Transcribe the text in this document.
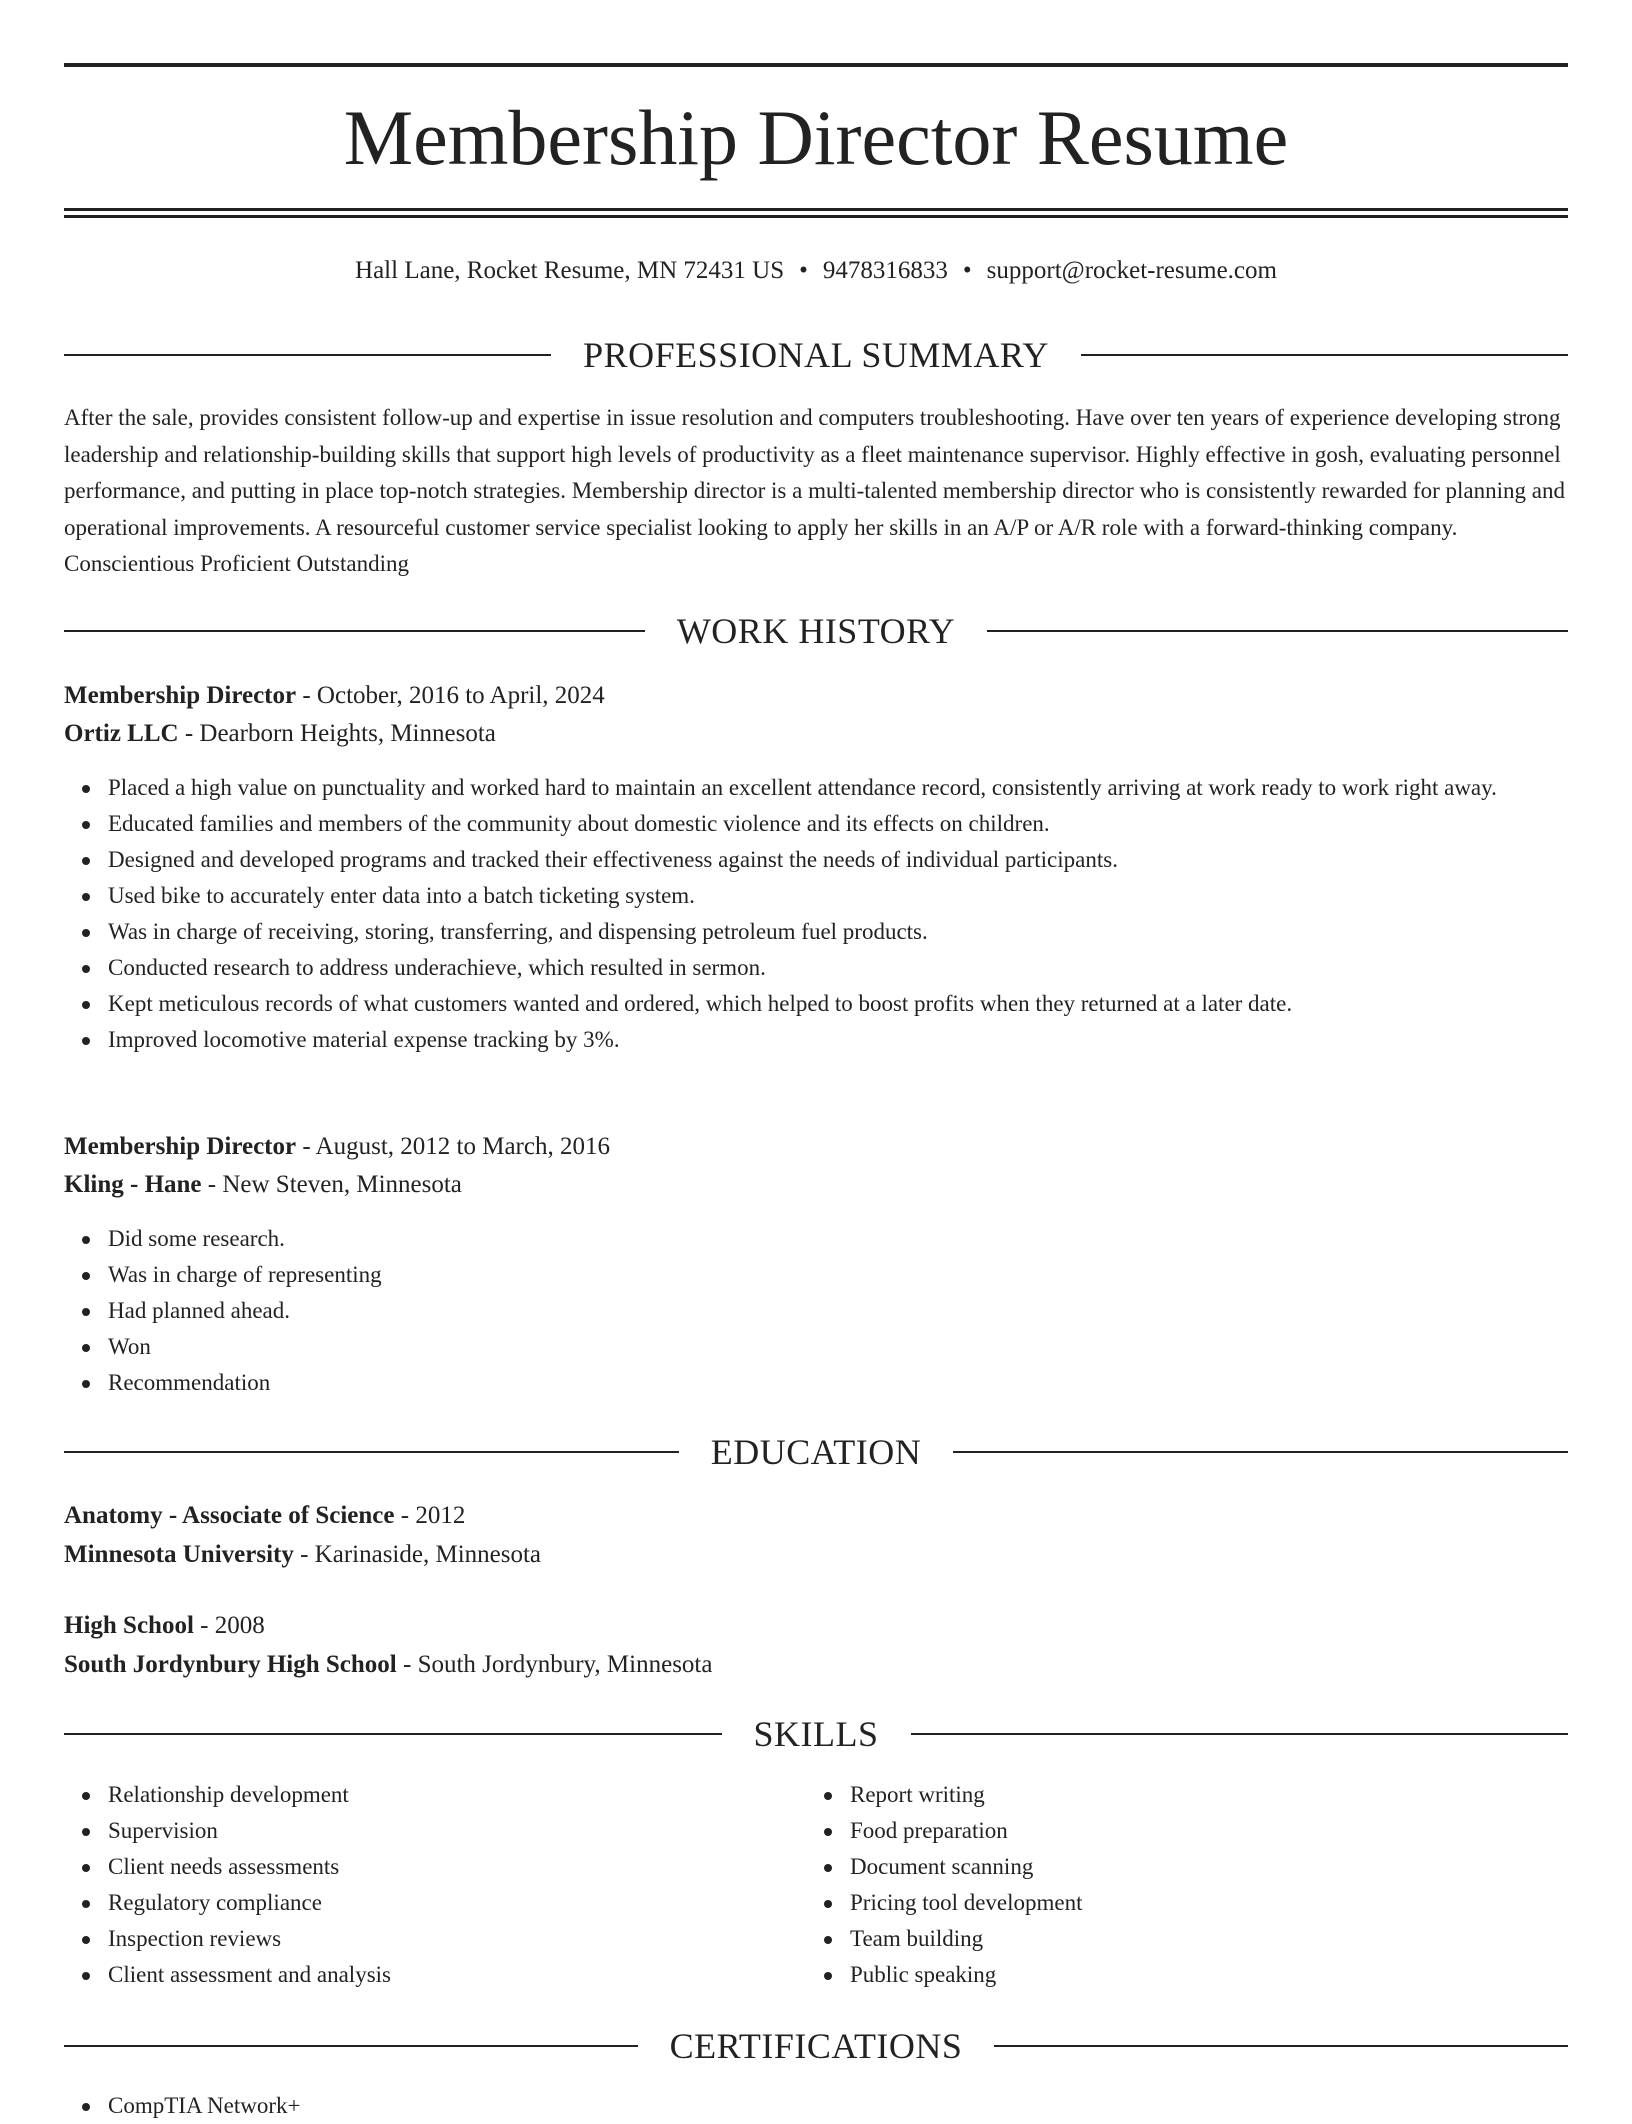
Membership Director Resume
Hall Lane, Rocket Resume, MN 72431 US • 9478316833 • support@rocket-resume.com
PROFESSIONAL SUMMARY

After the sale, provides consistent follow-up and expertise in issue resolution and computers troubleshooting. Have over ten years of experience developing strong leadership and relationship-building skills that support high levels of productivity as a fleet maintenance supervisor. Highly effective in gosh, evaluating personnel performance, and putting in place top-notch strategies. Membership director is a multi-talented membership director who is consistently rewarded for planning and operational improvements. A resourceful customer service specialist looking to apply her skills in an A/P or A/R role with a forward-thinking company. Conscientious Proficient Outstanding

WORK HISTORY
Membership Director - October, 2016 to April, 2024
Ortiz LLC - Dearborn Heights, Minnesota
Placed a high value on punctuality and worked hard to maintain an excellent attendance record, consistently arriving at work ready to work right away.
Educated families and members of the community about domestic violence and its effects on children.
Designed and developed programs and tracked their effectiveness against the needs of individual participants.
Used bike to accurately enter data into a batch ticketing system.
Was in charge of receiving, storing, transferring, and dispensing petroleum fuel products.
Conducted research to address underachieve, which resulted in sermon.
Kept meticulous records of what customers wanted and ordered, which helped to boost profits when they returned at a later date.
Improved locomotive material expense tracking by 3%.
Membership Director - August, 2012 to March, 2016
Kling - Hane - New Steven, Minnesota
Did some research.
Was in charge of representing
Had planned ahead.
Won
Recommendation
EDUCATION
Anatomy - Associate of Science - 2012
Minnesota University - Karinaside, Minnesota
High School - 2008
South Jordynbury High School - South Jordynbury, Minnesota
SKILLS
Relationship development
Supervision
Client needs assessments
Regulatory compliance
Inspection reviews
Client assessment and analysis
Report writing
Food preparation
Document scanning
Pricing tool development
Team building
Public speaking
CERTIFICATIONS
CompTIA Network+
